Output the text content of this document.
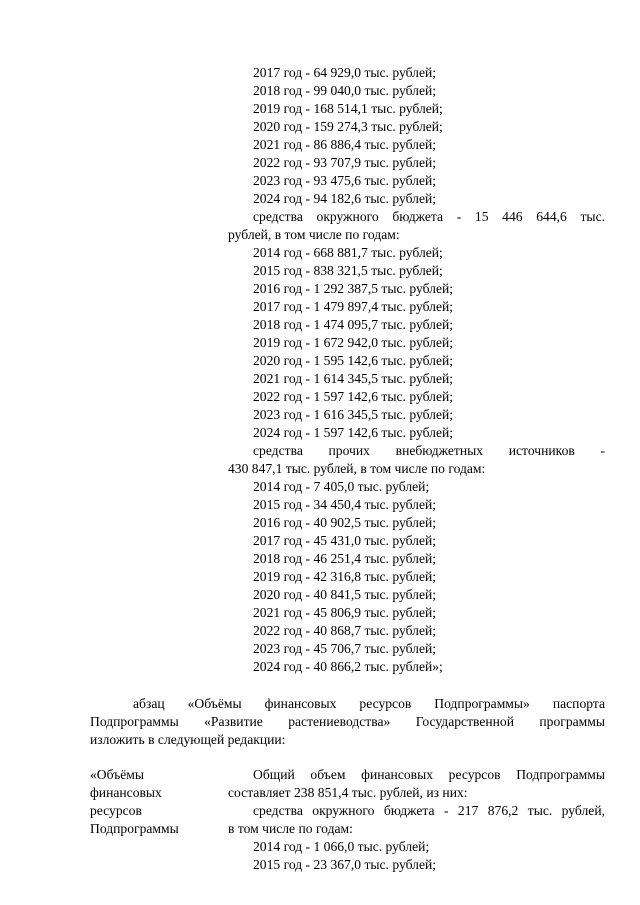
2017 год - 64 929,0 тыс. рублей;
2018 год - 99 040,0 тыс. рублей;
2019 год - 168 514,1 тыс. рублей;
2020 год - 159 274,3 тыс. рублей;
2021 год - 86 886,4 тыс. рублей;
2022 год - 93 707,9 тыс. рублей;
2023 год - 93 475,6 тыс. рублей;
2024 год - 94 182,6 тыс. рублей;
средства окружного бюджета - 15 446 644,6 тыс.
рублей, в том числе по годам:
2014 год - 668 881,7 тыс. рублей;
2015 год - 838 321,5 тыс. рублей;
2016 год - 1 292 387,5 тыс. рублей;
2017 год - 1 479 897,4 тыс. рублей;
2018 год - 1 474 095,7 тыс. рублей;
2019 год - 1 672 942,0 тыс. рублей;
2020 год - 1 595 142,6 тыс. рублей;
2021 год - 1 614 345,5 тыс. рублей;
2022 год - 1 597 142,6 тыс. рублей;
2023 год - 1 616 345,5 тыс. рублей;
2024 год - 1 597 142,6 тыс. рублей;
средства прочих внебюджетных источников -
430 847,1 тыс. рублей, в том числе по годам:
2014 год - 7 405,0 тыс. рублей;
2015 год - 34 450,4 тыс. рублей;
2016 год - 40 902,5 тыс. рублей;
2017 год - 45 431,0 тыс. рублей;
2018 год - 46 251,4 тыс. рублей;
2019 год - 42 316,8 тыс. рублей;
2020 год - 40 841,5 тыс. рублей;
2021 год - 45 806,9 тыс. рублей;
2022 год - 40 868,7 тыс. рублей;
2023 год - 45 706,7 тыс. рублей;
2024 год - 40 866,2 тыс. рублей»;
абзац «Объёмы финансовых ресурсов Подпрограммы» паспорта
Подпрограммы «Развитие растениеводства» Государственной программы
изложить в следующей редакции:
«Объёмы
финансовых
ресурсов
Подпрограммы
Общий объем финансовых ресурсов Подпрограммы
составляет 238 851,4 тыс. рублей, из них:
средства окружного бюджета - 217 876,2 тыс. рублей,
в том числе по годам:
2014 год - 1 066,0 тыс. рублей;
2015 год - 23 367,0 тыс. рублей;
